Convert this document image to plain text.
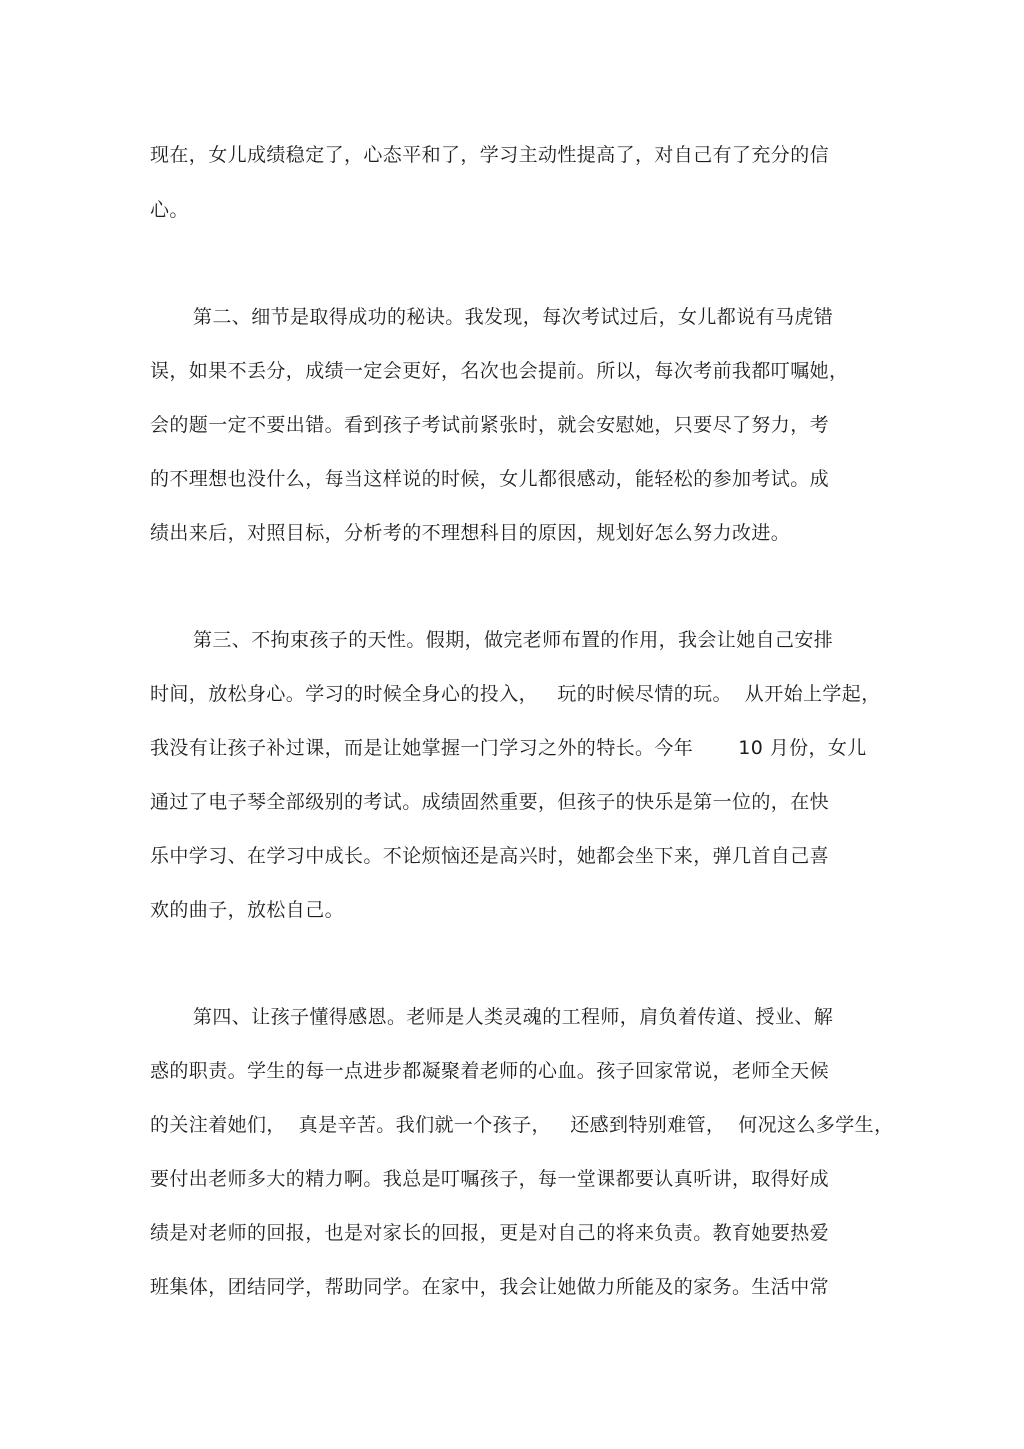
现在，女儿成绩稳定了，心态平和了，学习主动性提高了，对自己有了充分的信

心。

第二、细节是取得成功的秘诀。我发现，每次考试过后，女儿都说有马虎错

误，如果不丢分，成绩一定会更好，名次也会提前。所以，每次考前我都叮嘱她，

会的题一定不要出错。看到孩子考试前紧张时，就会安慰她，只要尽了努力，考

的不理想也没什么，每当这样说的时候，女儿都很感动，能轻松的参加考试。成

绩出来后，对照目标，分析考的不理想科目的原因，规划好怎么努力改进。

第三、不拘束孩子的天性。假期，做完老师布置的作用，我会让她自己安排

时间，放松身心。学习的时候全身心的投入，   玩的时候尽情的玩。  从开始上学起，

我没有让孩子补过课，而是让她掌握一门学习之外的特长。今年       10 月份，女儿

通过了电子琴全部级别的考试。成绩固然重要，但孩子的快乐是第一位的，在快

乐中学习、在学习中成长。不论烦恼还是高兴时，她都会坐下来，弹几首自己喜

欢的曲子，放松自己。

第四、让孩子懂得感恩。老师是人类灵魂的工程师，肩负着传道、授业、解

惑的职责。学生的每一点进步都凝聚着老师的心血。孩子回家常说，老师全天候

的关注着她们，  真是辛苦。我们就一个孩子，   还感到特别难管，  何况这么多学生，

要付出老师多大的精力啊。我总是叮嘱孩子，每一堂课都要认真听讲，取得好成

绩是对老师的回报，也是对家长的回报，更是对自己的将来负责。教育她要热爱

班集体，团结同学，帮助同学。在家中，我会让她做力所能及的家务。生活中常
